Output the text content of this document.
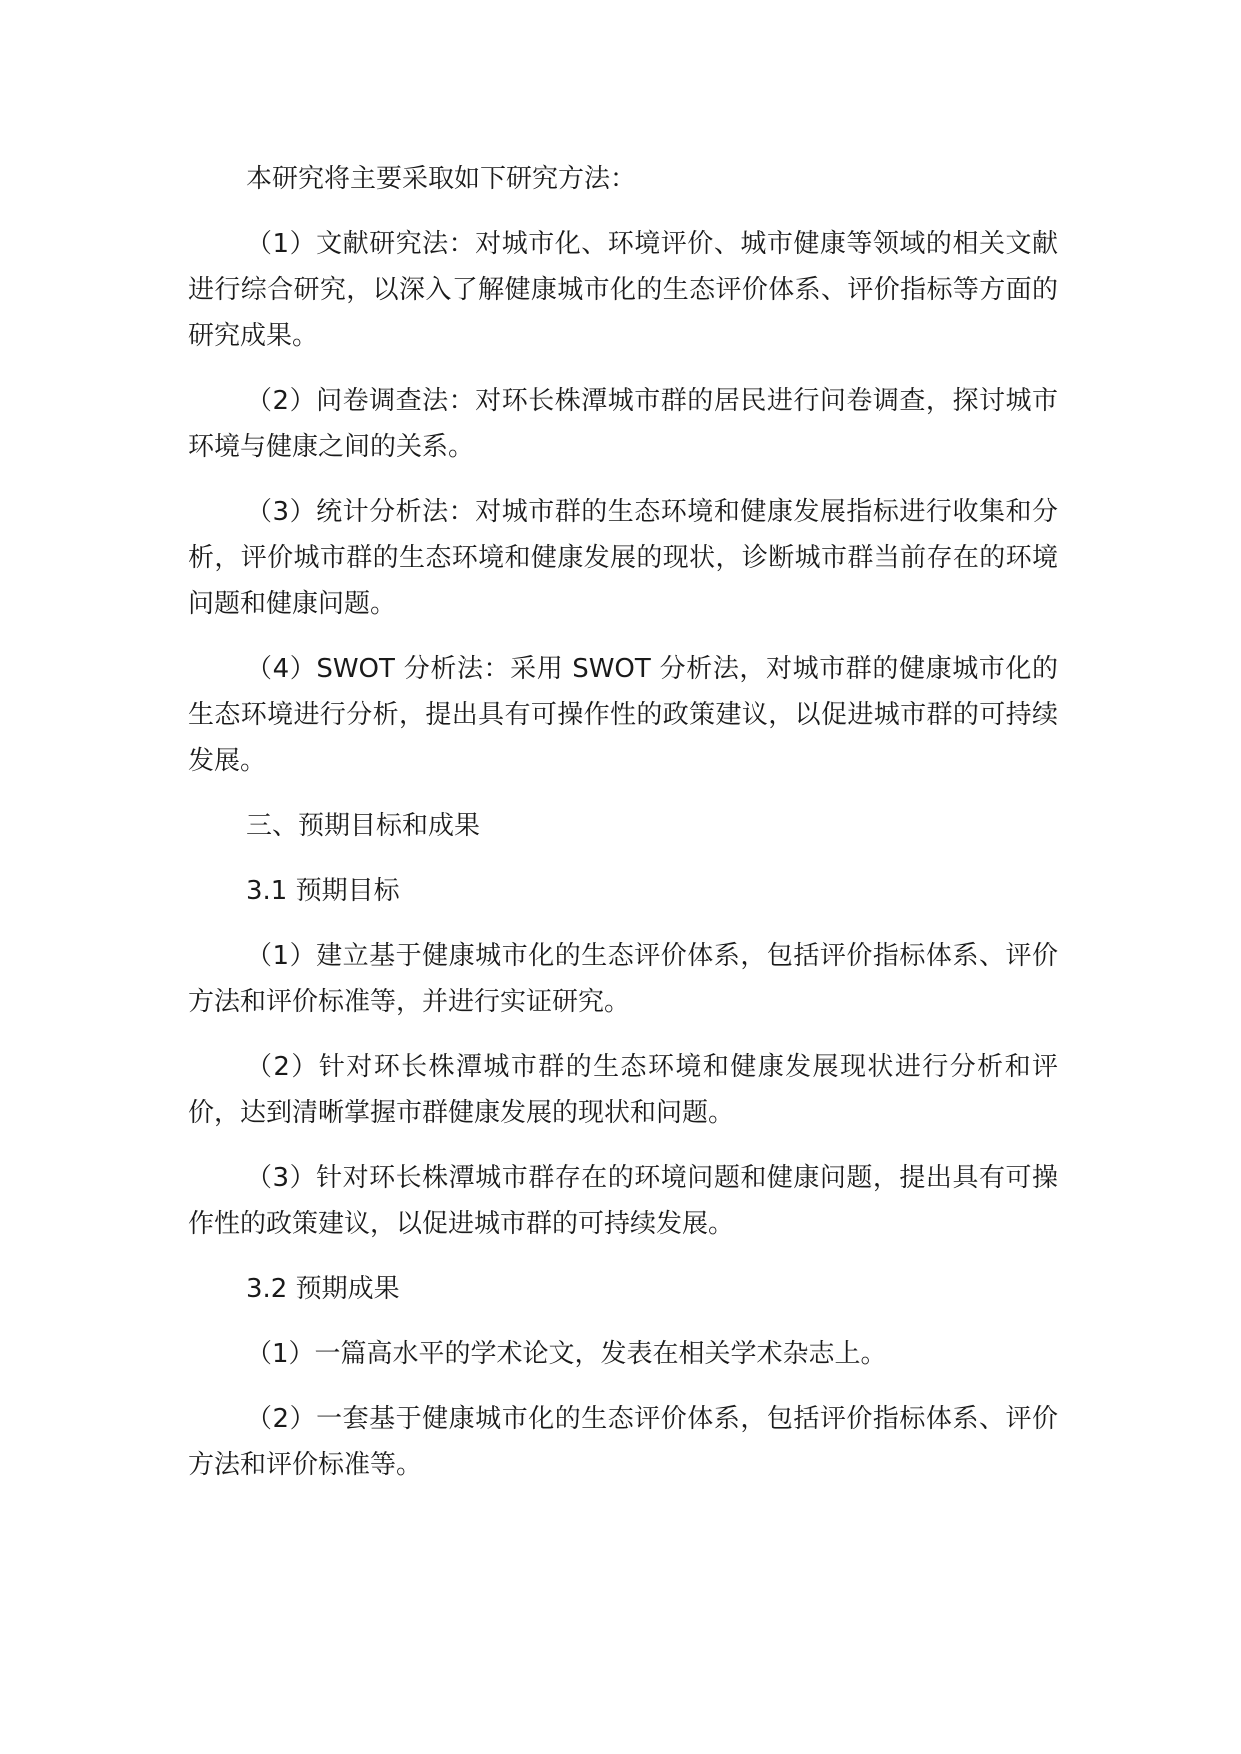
本研究将主要采取如下研究方法：

（1）文献研究法：对城市化、环境评价、城市健康等领域的相关文献进行综合研究，以深入了解健康城市化的生态评价体系、评价指标等方面的研究成果。

（2）问卷调查法：对环长株潭城市群的居民进行问卷调查，探讨城市环境与健康之间的关系。

（3）统计分析法：对城市群的生态环境和健康发展指标进行收集和分析，评价城市群的生态环境和健康发展的现状，诊断城市群当前存在的环境问题和健康问题。

（4）SWOT 分析法：采用 SWOT 分析法，对城市群的健康城市化的生态环境进行分析，提出具有可操作性的政策建议，以促进城市群的可持续发展。

三、预期目标和成果

3.1 预期目标

（1）建立基于健康城市化的生态评价体系，包括评价指标体系、评价方法和评价标准等，并进行实证研究。

（2）针对环长株潭城市群的生态环境和健康发展现状进行分析和评价，达到清晰掌握市群健康发展的现状和问题。

（3）针对环长株潭城市群存在的环境问题和健康问题，提出具有可操作性的政策建议，以促进城市群的可持续发展。

3.2 预期成果

（1）一篇高水平的学术论文，发表在相关学术杂志上。

（2）一套基于健康城市化的生态评价体系，包括评价指标体系、评价方法和评价标准等。
